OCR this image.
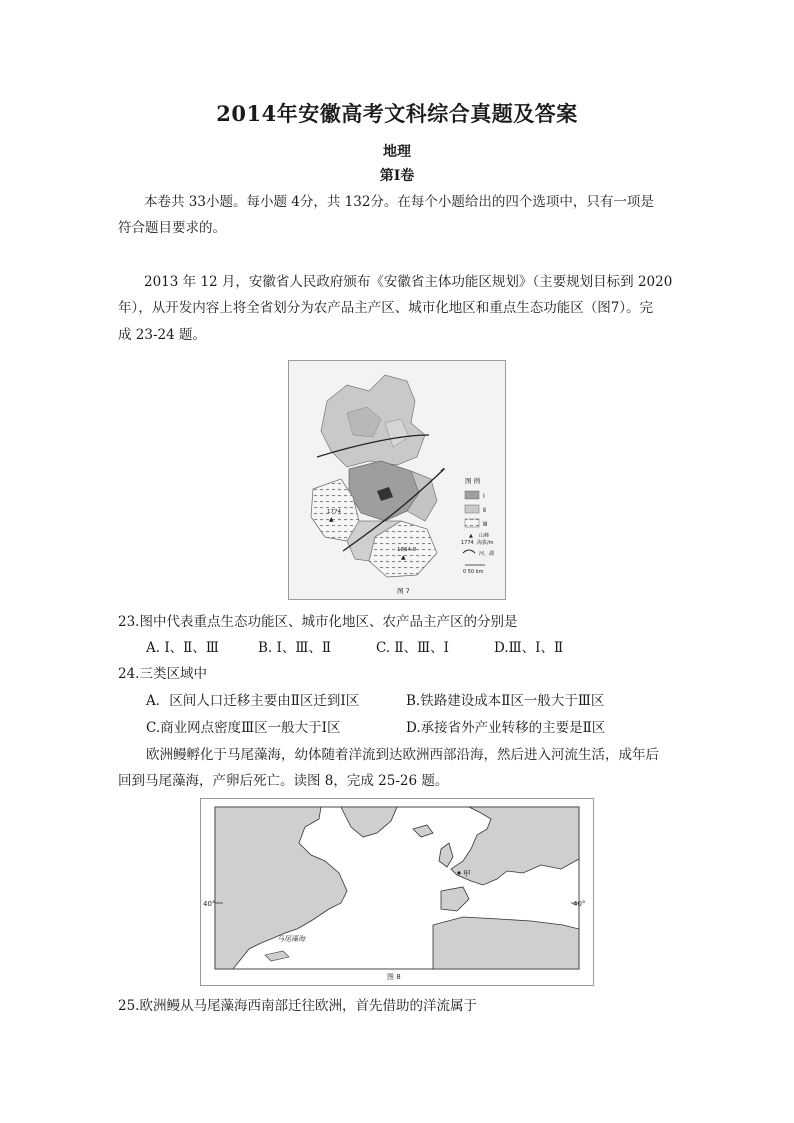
2014年安徽高考文科综合真题及答案
地理
第Ⅰ卷
本卷共 33小题。每小题 4分，共 132分。在每个小题给出的四个选项中，只有一项是
符合题目要求的。
2013 年 12 月，安徽省人民政府颁布《安徽省主体功能区规划》（主要规划目标到 2020
年），从开发内容上将全省划分为农产品主产区、城市化地区和重点生态功能区（图7）。完
成 23-24 题。
1774
▲
1864.8
▲
图 例
Ⅰ
Ⅱ
Ⅲ
▲ 山峰
1774 海拔/m
河、湖
0 50 km
图 7
23.图中代表重点生态功能区、城市化地区、农产品主产区的分别是
A. Ⅰ、Ⅱ、Ⅲ	B. Ⅰ、Ⅲ、Ⅱ	C. Ⅱ、Ⅲ、Ⅰ	D.Ⅲ、Ⅰ、Ⅱ
24.三类区域中
A．区间人口迁移主要由Ⅱ区迁到Ⅰ区	B.铁路建设成本Ⅱ区一般大于Ⅲ区
C.商业网点密度Ⅲ区一般大于Ⅰ区	D.承接省外产业转移的主要是Ⅱ区
欧洲鳗孵化于马尾藻海，幼体随着洋流到达欧洲西部沿海，然后进入河流生活，成年后
回到马尾藻海，产卵后死亡。读图 8，完成 25-26 题。
40°	40°
马尾藻海
甲
图 8
25.欧洲鳗从马尾藻海西南部迁往欧洲，首先借助的洋流属于
